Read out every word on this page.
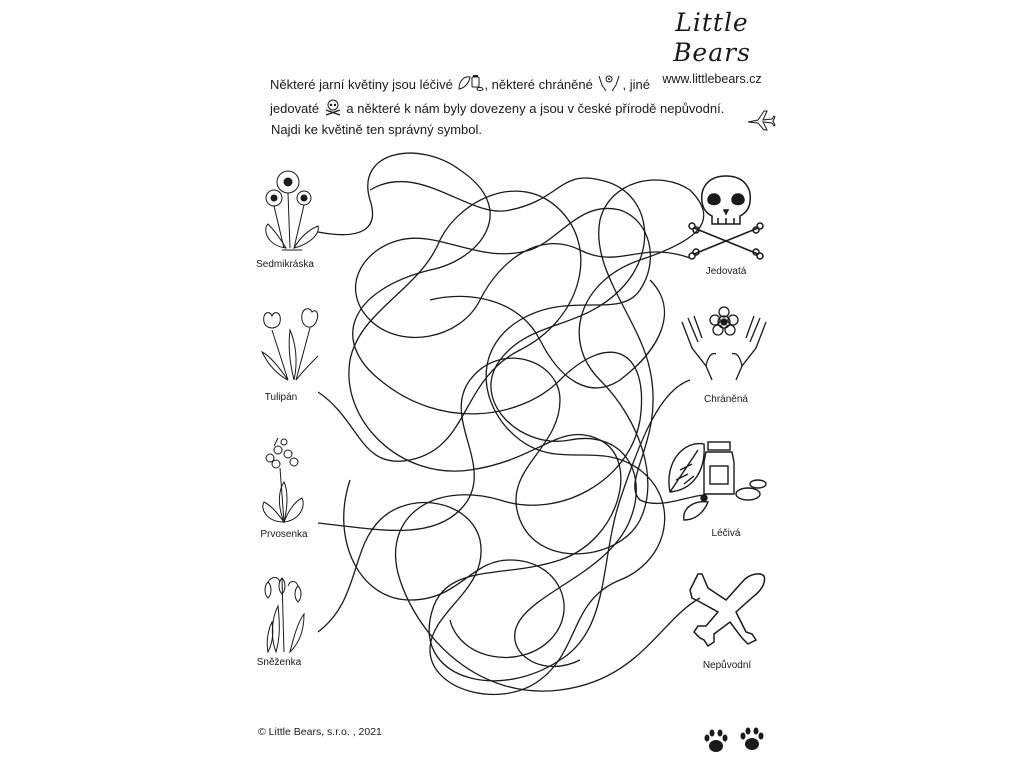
Little Bears
www.littlebears.cz
Některé jarní květiny jsou léčivé , některé chráněné , jiné
jedovaté a některé k nám byly dovezeny a jsou v české přírodě nepůvodní.
Najdi ke květině ten správný symbol.
Sedmikráska
Tulipán
Prvosenka
Sněženka
Jedovatá
Chráněná
Léčivá
Nepůvodní
© Little Bears, s.r.o. , 2021
